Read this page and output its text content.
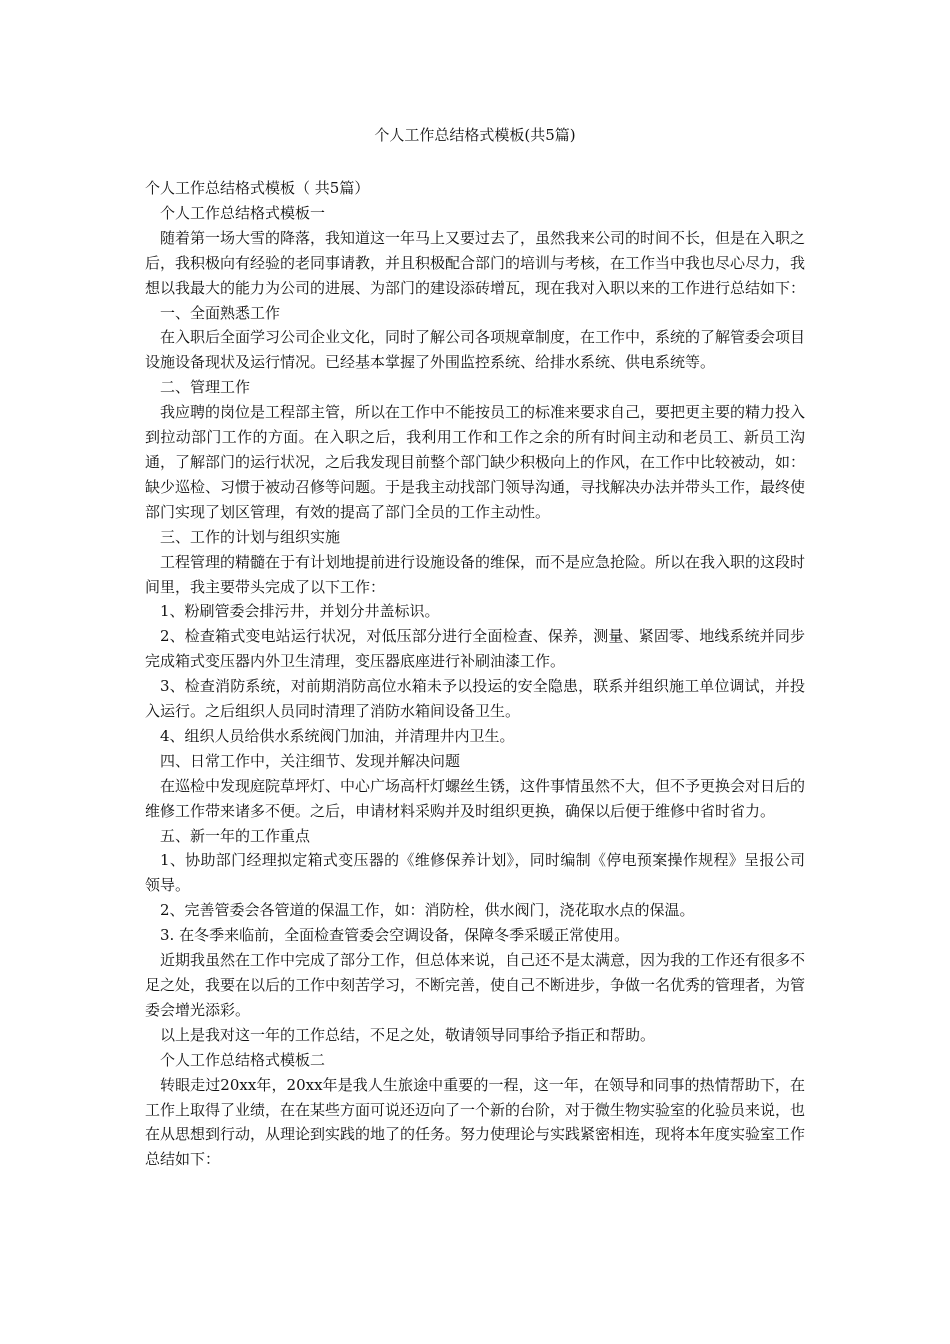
个人工作总结格式模板(共5篇)

个人工作总结格式模板（ 共5篇）

个人工作总结格式模板一

随着第一场大雪的降落，我知道这一年马上又要过去了，虽然我来公司的时间不长，但是在入职之后，我积极向有经验的老同事请教，并且积极配合部门的培训与考核，在工作当中我也尽心尽力，我想以我最大的能力为公司的进展、为部门的建设添砖增瓦，现在我对入职以来的工作进行总结如下：

一、全面熟悉工作

在入职后全面学习公司企业文化，同时了解公司各项规章制度，在工作中，系统的了解管委会项目设施设备现状及运行情况。已经基本掌握了外围监控系统、给排水系统、供电系统等。

二、管理工作

我应聘的岗位是工程部主管，所以在工作中不能按员工的标准来要求自己，要把更主要的精力投入到拉动部门工作的方面。在入职之后，我利用工作和工作之余的所有时间主动和老员工、新员工沟通，了解部门的运行状况，之后我发现目前整个部门缺少积极向上的作风，在工作中比较被动，如：缺少巡检、习惯于被动召修等问题。于是我主动找部门领导沟通，寻找解决办法并带头工作，最终使部门实现了划区管理，有效的提高了部门全员的工作主动性。

三、工作的计划与组织实施

工程管理的精髓在于有计划地提前进行设施设备的维保，而不是应急抢险。所以在我入职的这段时间里，我主要带头完成了以下工作：

1、粉刷管委会排污井，并划分井盖标识。

2、检查箱式变电站运行状况，对低压部分进行全面检查、保养，测量、紧固零、地线系统并同步完成箱式变压器内外卫生清理，变压器底座进行补刷油漆工作。

3、检查消防系统，对前期消防高位水箱未予以投运的安全隐患，联系并组织施工单位调试，并投入运行。之后组织人员同时清理了消防水箱间设备卫生。

4、组织人员给供水系统阀门加油，并清理井内卫生。

四、日常工作中，关注细节、发现并解决问题

在巡检中发现庭院草坪灯、中心广场高杆灯螺丝生锈，这件事情虽然不大，但不予更换会对日后的维修工作带来诸多不便。之后，申请材料采购并及时组织更换，确保以后便于维修中省时省力。

五、新一年的工作重点

1、协助部门经理拟定箱式变压器的《维修保养计划》，同时编制《停电预案操作规程》呈报公司领导。

2、完善管委会各管道的保温工作，如：消防栓，供水阀门，浇花取水点的保温。

3. 在冬季来临前，全面检查管委会空调设备，保障冬季采暖正常使用。

近期我虽然在工作中完成了部分工作，但总体来说，自己还不是太满意，因为我的工作还有很多不足之处，我要在以后的工作中刻苦学习，不断完善，使自己不断进步，争做一名优秀的管理者，为管委会增光添彩。

以上是我对这一年的工作总结，不足之处，敬请领导同事给予指正和帮助。

个人工作总结格式模板二

转眼走过20xx年，20xx年是我人生旅途中重要的一程，这一年，在领导和同事的热情帮助下，在工作上取得了业绩，在在某些方面可说还迈向了一个新的台阶，对于微生物实验室的化验员来说，也在从思想到行动，从理论到实践的地了的任务。努力使理论与实践紧密相连，现将本年度实验室工作总结如下：
